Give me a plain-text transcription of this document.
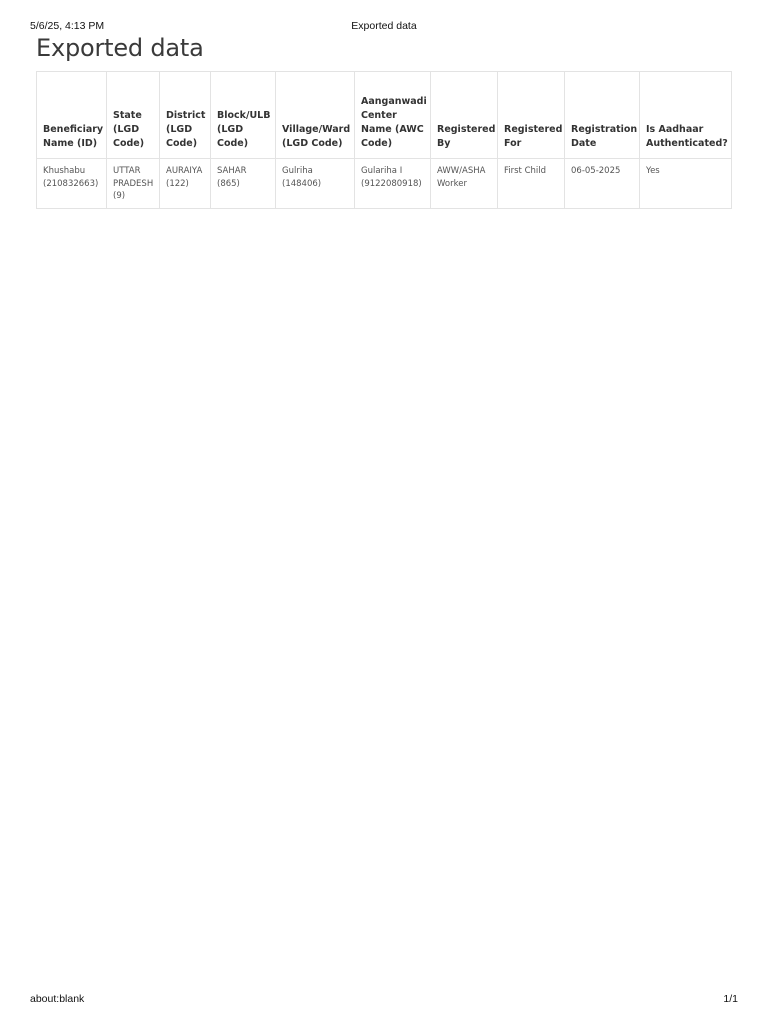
5/6/25, 4:13 PM	Exported data
Exported data
Beneficiary Name (ID)	State (LGD Code)	District (LGD Code)	Block/ULB (LGD Code)	Village/Ward (LGD Code)	Aanganwadi Center Name (AWC Code)	Registered By	Registered For	Registration Date	Is Aadhaar Authenticated?
Khushabu (210832663)	UTTAR PRADESH (9)	AURAIYA (122)	SAHAR (865)	Gulriha (148406)	Gulariha I (9122080918)	AWW/ASHA Worker	First Child	06-05-2025	Yes
about:blank	1/1
